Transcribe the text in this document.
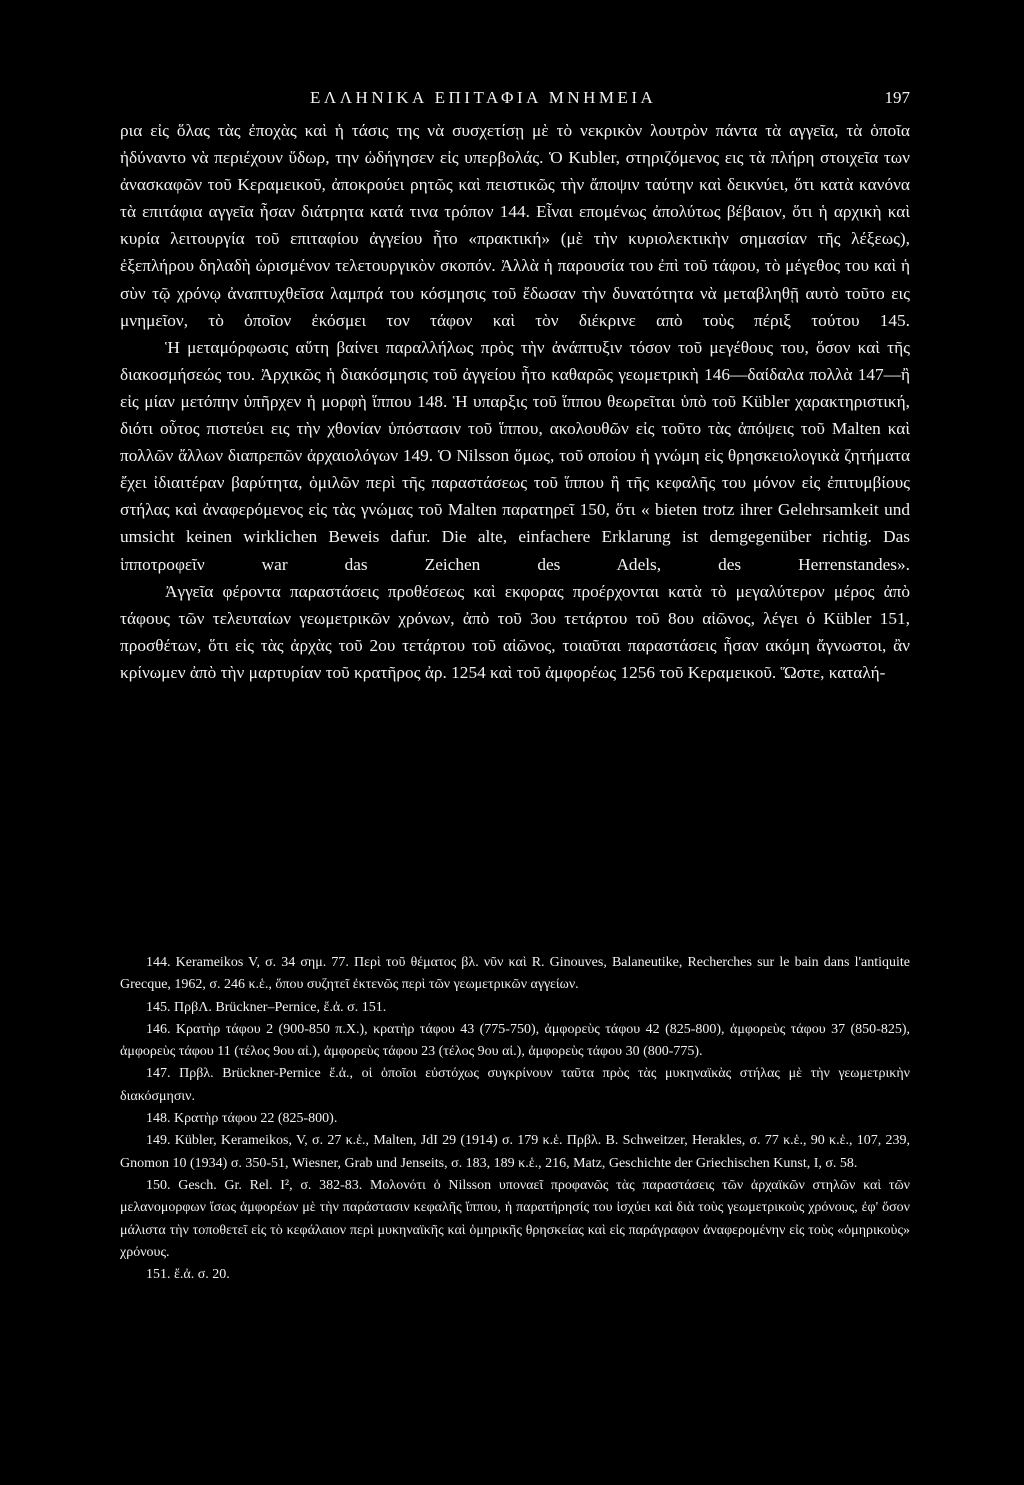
ΕΛΛΗΝΙΚΑ ΕΠΙΤΑΦΙΑ ΜΝΗΜΕΙΑ	197

ρια εἰς ὅλας τὰς ἐποχὰς καὶ ἡ τάσις της νὰ συσχετίσῃ μὲ τὸ νεκρικὸν λουτρὸν πάντα τὰ αγγεῖα, τὰ ὁποῖα ἠδύναντο νὰ περιέχουν ὕδωρ, την ὡδήγησεν εἰς υπερβολάς. Ὁ Kubler, στηριζόμενος εις τὰ πλήρη στοιχεῖα των ἀνασκαφῶν τοῦ Κεραμεικοῦ, ἀποκρούει ρητῶς καὶ πειστικῶς τὴν ἄποψιν ταύτην καὶ δεικνύει, ὅτι κατὰ κανόνα τὰ επιτάφια αγγεῖα ἦσαν διάτρητα κατά τινα τρόπον 144. Εἶναι επομένως ἀπολύτως βέβαιον, ὅτι ἡ αρχικὴ καὶ κυρία λειτουργία τοῦ επιταφίου ἀγγείου ἦτο «πρακτική» (μὲ τὴν κυριολεκτικὴν σημασίαν τῆς λέξεως), ἐξεπλήρου δηλαδὴ ὡρισμένον τελετουργικὸν σκοπόν. Ἀλλὰ ἡ παρουσία του ἐπὶ τοῦ τάφου, τὸ μέγεθος του καὶ ἡ σὺν τῷ χρόνῳ ἀναπτυχθεῖσα λαμπρά του κόσμησις τοῦ ἔδωσαν τὴν δυνατότητα νὰ μεταβληθῇ αυτὸ τοῦτο εις μνημεῖον, τὸ ὁποῖον ἐκόσμει τον τάφον καὶ τὸν διέκρινε απὸ τοὺς πέριξ τούτου 145.

Ἡ μεταμόρφωσις αὕτη βαίνει παραλλήλως πρὸς τὴν ἀνάπτυξιν τόσον τοῦ μεγέθους του, ὅσον καὶ τῆς διακοσμήσεώς του. Ἀρχικῶς ἡ διακόσμησις τοῦ ἀγγείου ἦτο καθαρῶς γεωμετρικὴ 146—δαίδαλα πολλὰ 147—ἢ εἰς μίαν μετόπην ὑπῆρχεν ἡ μορφὴ ἵππου 148. Ἡ υπαρξις τοῦ ἵππου θεωρεῖται ὑπὸ τοῦ Kübler χαρακτηριστική, διότι οὗτος πιστεύει εις τὴν χθονίαν ὑπόστασιν τοῦ ἵππου, ακολουθῶν εἰς τοῦτο τὰς ἀπόψεις τοῦ Malten καὶ πολλῶν ἄλλων διαπρεπῶν ἀρχαιολόγων 149. Ὁ Nilsson ὅμως, τοῦ οποίου ἡ γνώμη εἰς θρησκειολογικὰ ζητήματα ἔχει ἰδιαιτέραν βαρύτητα, ὁμιλῶν περὶ τῆς παραστάσεως τοῦ ἵππου ἢ τῆς κεφαλῆς του μόνον εἰς ἐπιτυμβίους στήλας καὶ ἀναφερόμενος εἰς τὰς γνώμας τοῦ Malten παρατηρεῖ 150, ὅτι « bieten trotz ihrer Gelehrsamkeit und umsicht keinen wirklichen Beweis dafur. Die alte, einfachere Erklarung ist demgegenüber richtig. Das ἱπποτροφεῖν war das Zeichen des Adels, des Herrenstandes».

Ἀγγεῖα φέροντα παραστάσεις προθέσεως καὶ εκφορας προέρχονται κατὰ τὸ μεγαλύτερον μέρος ἀπὸ τάφους τῶν τελευταίων γεωμετρικῶν χρόνων, ἀπὸ τοῦ 3ου τετάρτου τοῦ 8ου αἰῶνος, λέγει ὁ Kübler 151, προσθέτων, ὅτι εἰς τὰς ἀρχὰς τοῦ 2ου τετάρτου τοῦ αἰῶνος, τοιαῦται παραστάσεις ἦσαν ακόμη ἄγνωστοι, ἂν κρίνωμεν ἀπὸ τὴν μαρτυρίαν τοῦ κρατῆρος ἀρ. 1254 καὶ τοῦ ἀμφορέως 1256 τοῦ Κεραμεικοῦ. Ὥστε, καταλή-

144. Kerameikos V, σ. 34 σημ. 77. Περὶ τοῦ θέματος βλ. νῦν καὶ R. Ginouves, Balaneutike, Recherches sur le bain dans l'antiquite Grecque, 1962, σ. 246 κ.ἑ., ὅπου συζητεῖ ἐκτενῶς περὶ τῶν γεωμετρικῶν αγγείων.

145. ΠρβΛ. Brückner–Pernice, ἔ.ἀ. σ. 151.

146. Κρατὴρ τάφου 2 (900-850 π.Χ.), κρατὴρ τάφου 43 (775-750), ἀμφορεὺς τάφου 42 (825-800), ἀμφορεὺς τάφου 37 (850-825), ἀμφορεὺς τάφου 11 (τέλος 9ου αἰ.), ἀμφορεὺς τάφου 23 (τέλος 9ου αἰ.), ἀμφορεὺς τάφου 30 (800-775).

147. Πρβλ. Brückner-Pernice ἔ.ἀ., οἱ ὁποῖοι εὐστόχως συγκρίνουν ταῦτα πρὸς τὰς μυκηναϊκὰς στήλας μὲ τὴν γεωμετρικὴν διακόσμησιν.

148. Κρατὴρ τάφου 22 (825-800).

149. Kübler, Kerameikos, V, σ. 27 κ.ἑ., Malten, JdI 29 (1914) σ. 179 κ.ἑ. Πρβλ. B. Schweitzer, Herakles, σ. 77 κ.ἑ., 90 κ.ἑ., 107, 239, Gnomon 10 (1934) σ. 350-51, Wiesner, Grab und Jenseits, σ. 183, 189 κ.ἑ., 216, Matz, Geschichte der Griechischen Kunst, I, σ. 58.

150. Gesch. Gr. Rel. I², σ. 382-83. Μολονότι ὁ Nilsson υποναεῖ προφανῶς τὰς παραστάσεις τῶν ἀρχαϊκῶν στηλῶν καὶ τῶν μελανομορφων ἴσως ἀμφορέων μὲ τὴν παράστασιν κεφαλῆς ἵππου, ἡ παρατήρησίς του ἰσχύει καὶ διὰ τοὺς γεωμετρικοὺς χρόνους, ἐφ' ὅσον μάλιστα τὴν τοποθετεῖ εἰς τὸ κεφάλαιον περὶ μυκηναϊκῆς καὶ ὁμηρικῆς θρησκείας καὶ εἰς παράγραφον ἀναφερομένην εἰς τοὺς «ὁμηρικοὺς» χρόνους.

151. ἔ.ἀ. σ. 20.
